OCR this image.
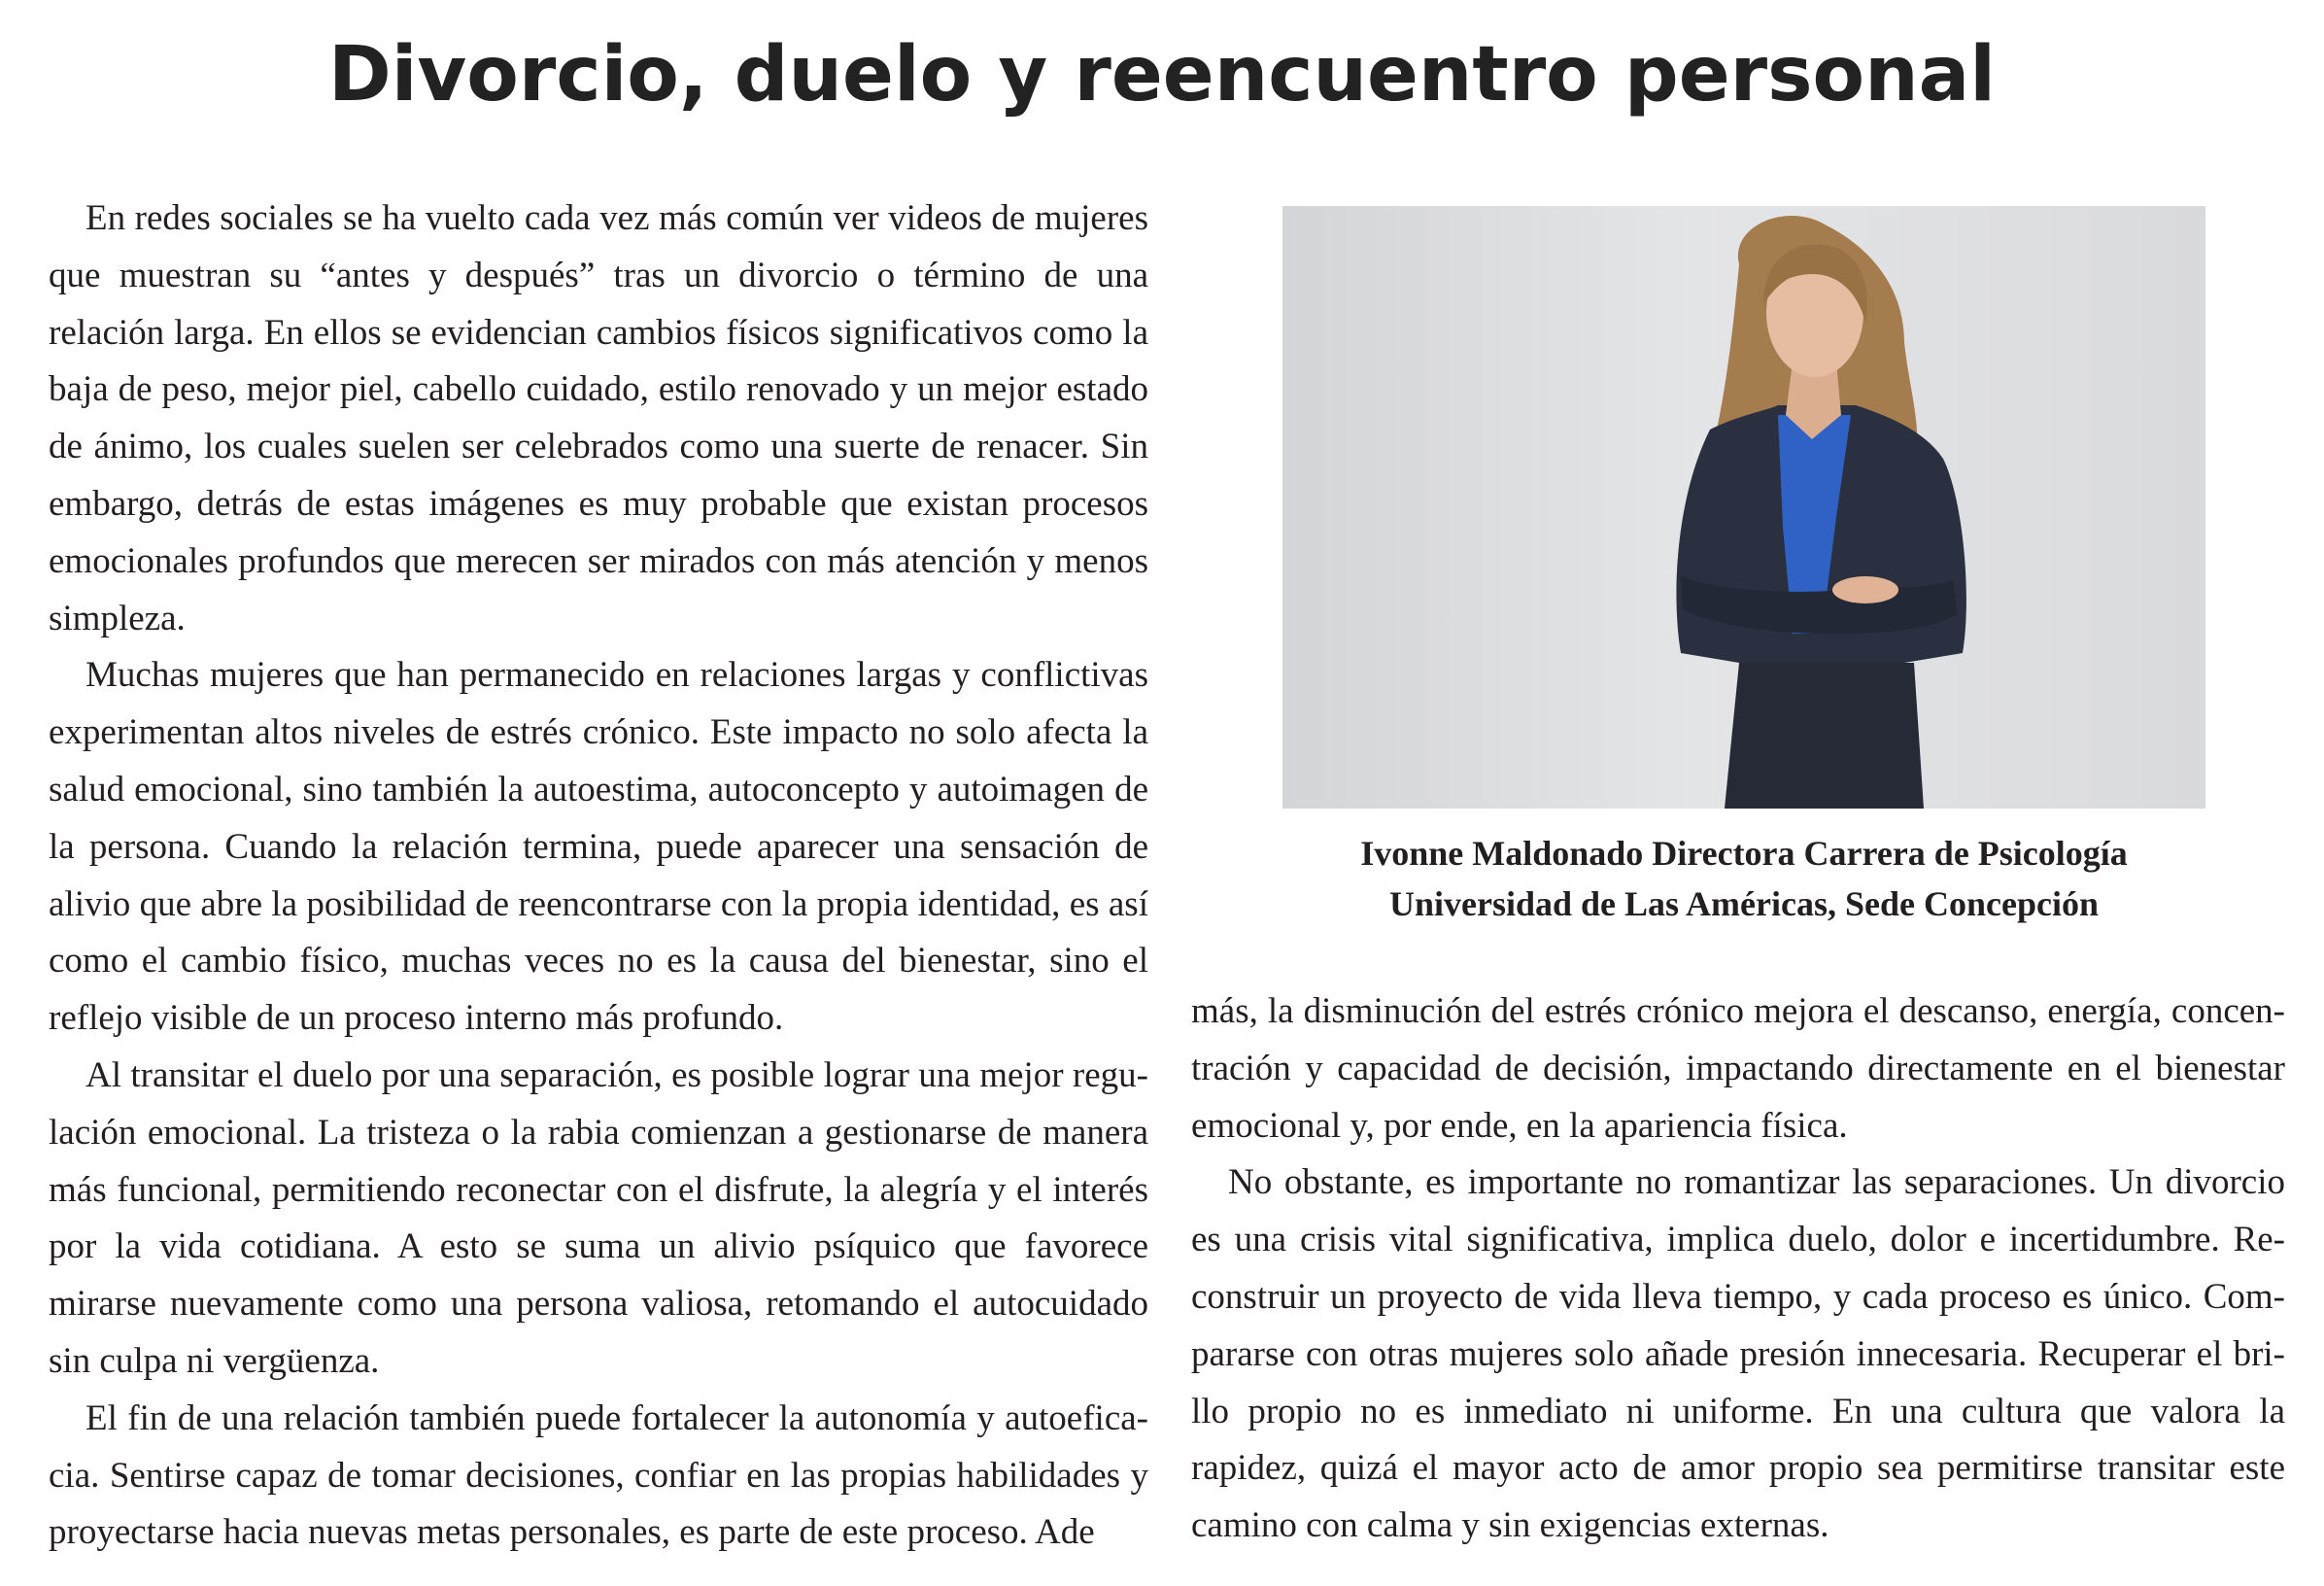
Divorcio, duelo y reencuentro personal

En redes sociales se ha vuelto cada vez más común ver videos de mujeres que muestran su “antes y después” tras un divorcio o término de una relación larga. En ellos se evidencian cambios físicos significativos como la baja de peso, mejor piel, cabello cuidado, estilo renovado y un mejor estado de ánimo, los cuales suelen ser celebrados como una suerte de renacer. Sin embargo, detrás de estas imágenes es muy probable que existan procesos emocionales profundos que merecen ser mirados con más atención y menos simpleza.

Muchas mujeres que han permanecido en relaciones largas y conflictivas experimentan altos niveles de estrés crónico. Este impacto no solo afecta la salud emocional, sino también la autoestima, autoconcepto y autoimagen de la persona. Cuando la relación termina, puede aparecer una sensación de alivio que abre la posibilidad de reencontrarse con la propia identidad, es así como el cambio físico, muchas veces no es la causa del bienestar, sino el reflejo visible de un proceso interno más profundo.

Al transitar el duelo por una separación, es posible lograr una mejor regulación emocional. La tristeza o la rabia comienzan a gestionarse de manera más funcional, permitiendo reconectar con el disfrute, la alegría y el interés por la vida cotidiana. A esto se suma un alivio psíquico que favorece mirarse nuevamente como una persona valiosa, retomando el autocuidado sin culpa ni vergüenza.

El fin de una relación también puede fortalecer la autonomía y autoeficacia. Sentirse capaz de tomar decisiones, confiar en las propias habilidades y proyectarse hacia nuevas metas personales, es parte de este proceso. Ade

Ivonne Maldonado Directora Carrera de Psicología
Universidad de Las Américas, Sede Concepción

más, la disminución del estrés crónico mejora el descanso, energía, concentración y capacidad de decisión, impactando directamente en el bienestar emocional y, por ende, en la apariencia física.

No obstante, es importante no romantizar las separaciones. Un divorcio es una crisis vital significativa, implica duelo, dolor e incertidumbre. Reconstruir un proyecto de vida lleva tiempo, y cada proceso es único. Compararse con otras mujeres solo añade presión innecesaria. Recuperar el brillo propio no es inmediato ni uniforme. En una cultura que valora la rapidez, quizá el mayor acto de amor propio sea permitirse transitar este camino con calma y sin exigencias externas.
